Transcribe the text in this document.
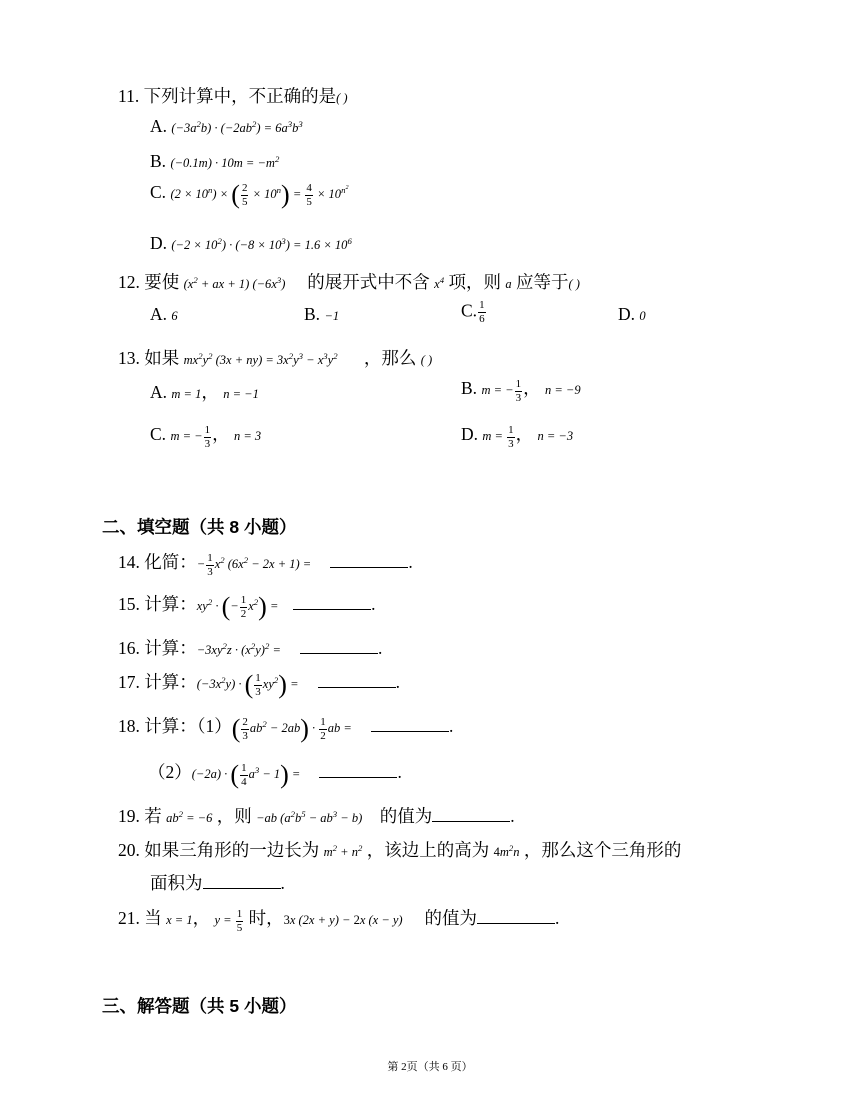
11. 下列计算中，不正确的是( )
A. $(-3a^2b) \cdot (-2ab^2) = 6a^3b^3$
B. $(-0.1m) \cdot 10m = -m^2$
C. $(2 \times 10^n)$ × ( $\frac{2}{5} \times 10^n) = \frac{4}{5} \times 10^{n^2}$
D. $(-2 \times 10^2) \cdot (-8 \times 10^3) = 1.6 \times 10^6$
12. 要使 ($x^2$ + ax + 1) $(-6x^3)$ 的展开式中不含 $x^4$ 项，则 a 应等于( )
A. 6	B. −1	C. $\frac{1}{6}$	D. 0
13. 如果 $mx^2y^2$ $(3x + ny) = 3x^2y^3 - x^3y^2$ ，那么 ( )
A. m = 1， n = −1	B. m = − $\frac{1}{3}$ ， n = −9
C. m = − $\frac{1}{3}$ ， n = 3	D. $m = \frac{1}{3}$ ， n = −3
二、填空题（共 8 小题）
14. 化简：− $\frac{1}{3} x^2$ $(6x^2 - 2x + 1)$ =	.
15. 计算：$xy^2$ · (− $\frac{1}{2} x^2$) =	.
16. 计算：$-3xy^2z \cdot (x^2y)^2$ =	.
17. 计算：$(-3x^2y)$ · ( $\frac{1}{3} xy^2$) =	.
18. 计算：$(1)( \frac{2}{3} ab^2 - 2ab) \cdot \frac{1}{2}$ ab =	.
（2）(−2a) · ( $\frac{1}{4} a^3 - 1$) =	.
19. 若 $ab^2 = -6$ ，则 −ab $(a^2b^5 - ab^3 - b)$ 的值为	.
20. 如果三角形的一边长为 $m^2 + n^2$ ，该边上的高为 $4m^2n$ ，那么这个三角形的
面积为	.
21. 当 x = 1， $y = \frac{1}{5}$ 时，3x (2x + y) − 2x (x − y) 的值为	.
三、解答题（共 5 小题）
第 2页（共 6 页）
